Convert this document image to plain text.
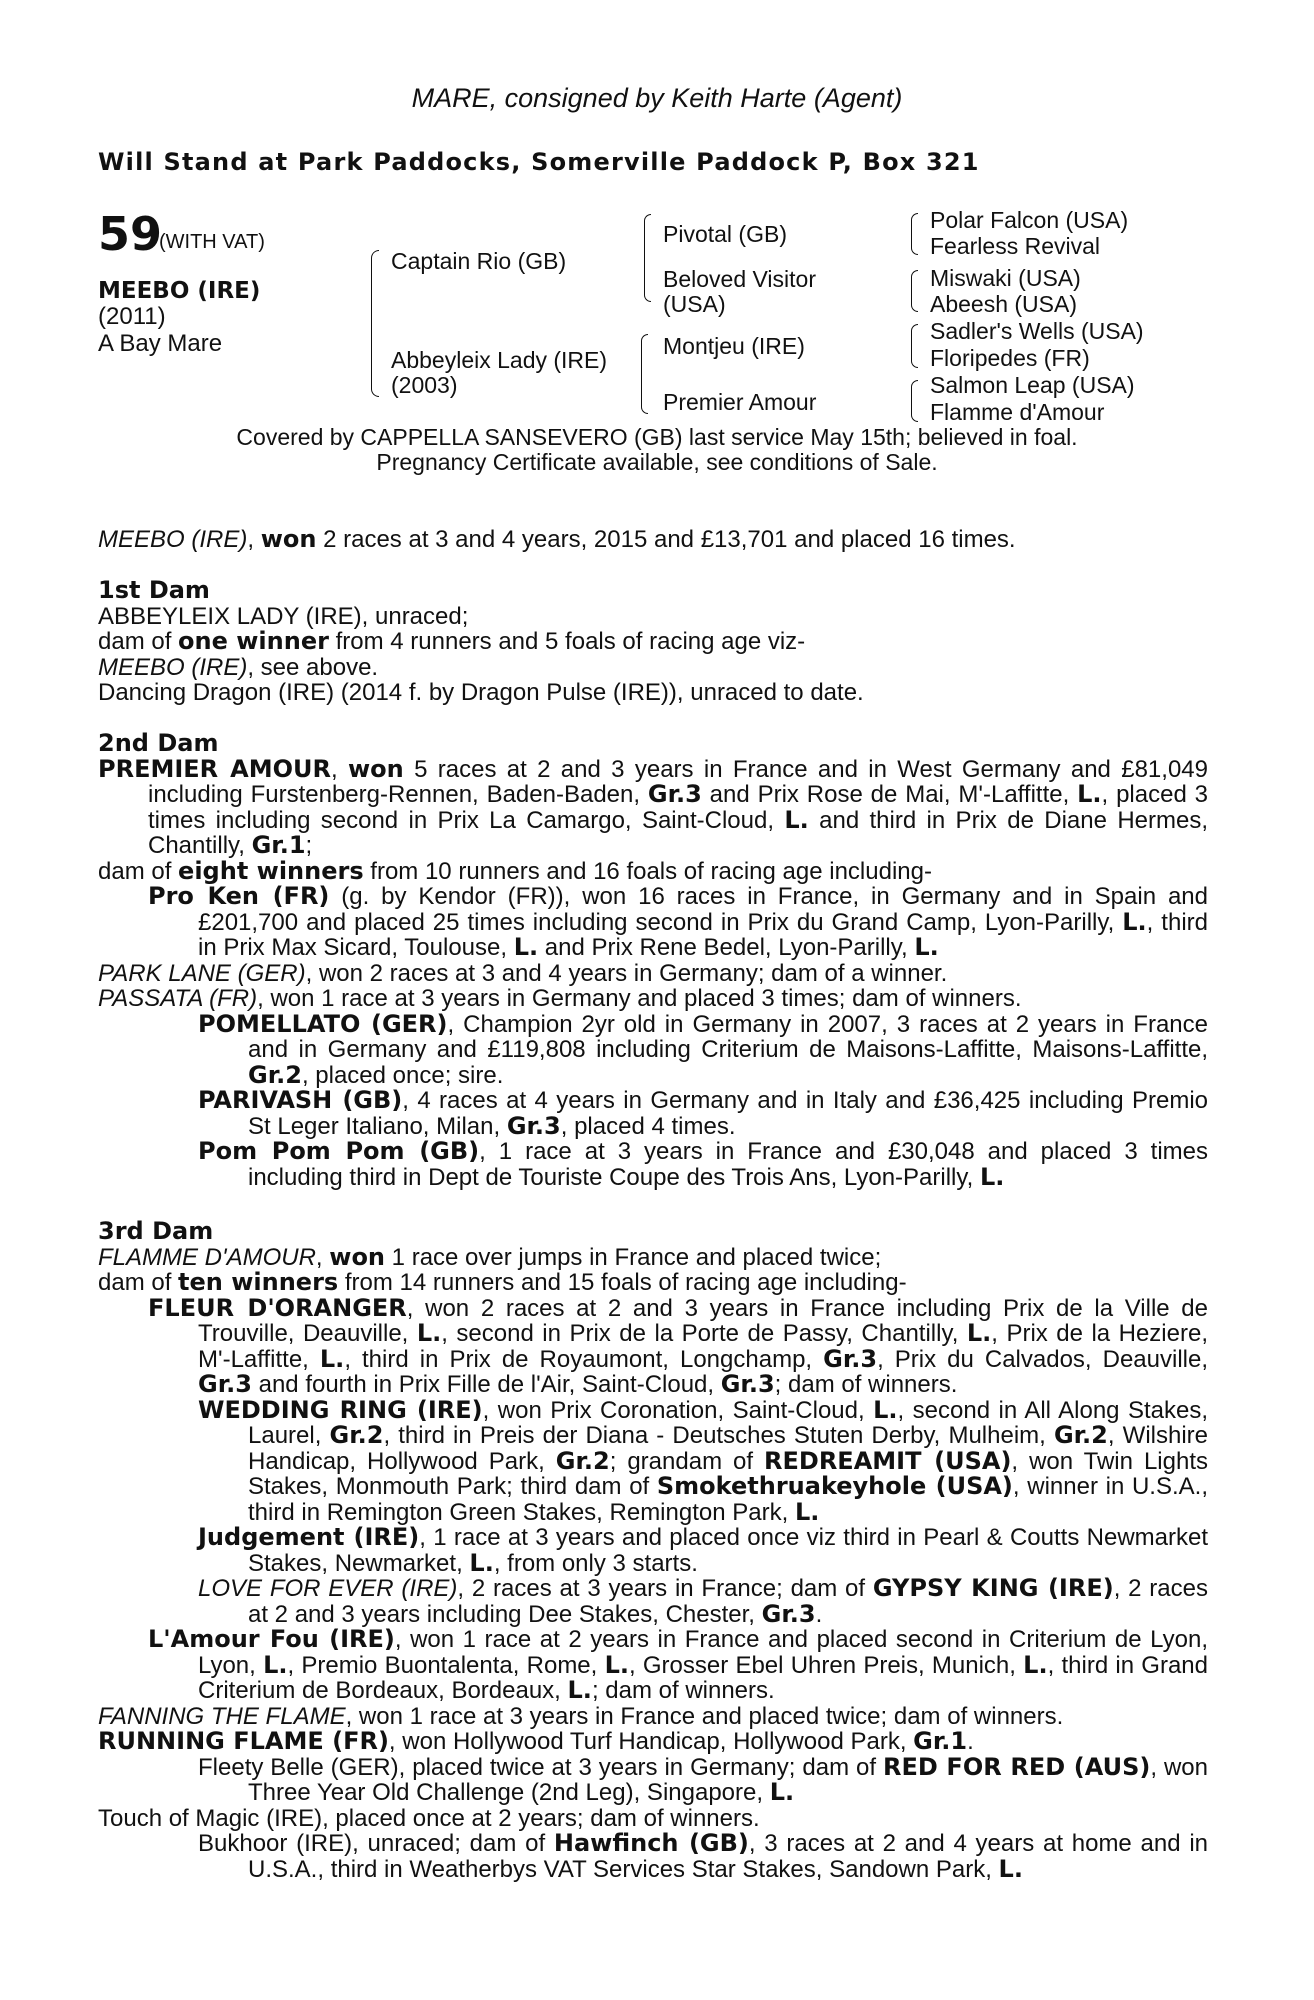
MARE, consigned by Keith Harte (Agent)
Will Stand at Park Paddocks, Somerville Paddock P, Box 321
59
(WITH VAT)
MEEBO (IRE)
(2011)
A Bay Mare
Captain Rio (GB)
Abbeyleix Lady (IRE)
(2003)
Pivotal (GB)
Beloved Visitor
(USA)
Montjeu (IRE)
Premier Amour
Polar Falcon (USA)
Fearless Revival
Miswaki (USA)
Abeesh (USA)
Sadler's Wells (USA)
Floripedes (FR)
Salmon Leap (USA)
Flamme d'Amour
Covered by CAPPELLA SANSEVERO (GB) last service May 15th; believed in foal.
Pregnancy Certificate available, see conditions of Sale.

MEEBO (IRE), won 2 races at 3 and 4 years, 2015 and £13,701 and placed 16 times.

1st Dam

ABBEYLEIX LADY (IRE), unraced;

dam of one winner from 4 runners and 5 foals of racing age viz-

MEEBO (IRE), see above.

Dancing Dragon (IRE) (2014 f. by Dragon Pulse (IRE)), unraced to date.

2nd Dam

PREMIER AMOUR, won 5 races at 2 and 3 years in France and in West Germany and £81,049 including Furstenberg-Rennen, Baden-Baden, Gr.3 and Prix Rose de Mai, M'-Laffitte, L., placed 3 times including second in Prix La Camargo, Saint-Cloud, L. and third in Prix de Diane Hermes, Chantilly, Gr.1;

dam of eight winners from 10 runners and 16 foals of racing age including-

Pro Ken (FR) (g. by Kendor (FR)), won 16 races in France, in Germany and in Spain and £201,700 and placed 25 times including second in Prix du Grand Camp, Lyon-Parilly, L., third in Prix Max Sicard, Toulouse, L. and Prix Rene Bedel, Lyon-Parilly, L.

PARK LANE (GER), won 2 races at 3 and 4 years in Germany; dam of a winner.

PASSATA (FR), won 1 race at 3 years in Germany and placed 3 times; dam of winners.

POMELLATO (GER), Champion 2yr old in Germany in 2007, 3 races at 2 years in France and in Germany and £119,808 including Criterium de Maisons-Laffitte, Maisons-Laffitte, Gr.2, placed once; sire.

PARIVASH (GB), 4 races at 4 years in Germany and in Italy and £36,425 including Premio St Leger Italiano, Milan, Gr.3, placed 4 times.

Pom Pom Pom (GB), 1 race at 3 years in France and £30,048 and placed 3 times including third in Dept de Touriste Coupe des Trois Ans, Lyon-Parilly, L.

3rd Dam

FLAMME D'AMOUR, won 1 race over jumps in France and placed twice;

dam of ten winners from 14 runners and 15 foals of racing age including-

FLEUR D'ORANGER, won 2 races at 2 and 3 years in France including Prix de la Ville de Trouville, Deauville, L., second in Prix de la Porte de Passy, Chantilly, L., Prix de la Heziere, M'-Laffitte, L., third in Prix de Royaumont, Longchamp, Gr.3, Prix du Calvados, Deauville, Gr.3 and fourth in Prix Fille de l'Air, Saint-Cloud, Gr.3; dam of winners.

WEDDING RING (IRE), won Prix Coronation, Saint-Cloud, L., second in All Along Stakes, Laurel, Gr.2, third in Preis der Diana - Deutsches Stuten Derby, Mulheim, Gr.2, Wilshire Handicap, Hollywood Park, Gr.2; grandam of REDREAMIT (USA), won Twin Lights Stakes, Monmouth Park; third dam of Smokethruakeyhole (USA), winner in U.S.A., third in Remington Green Stakes, Remington Park, L.

Judgement (IRE), 1 race at 3 years and placed once viz third in Pearl & Coutts Newmarket Stakes, Newmarket, L., from only 3 starts.

LOVE FOR EVER (IRE), 2 races at 3 years in France; dam of GYPSY KING (IRE), 2 races at 2 and 3 years including Dee Stakes, Chester, Gr.3.

L'Amour Fou (IRE), won 1 race at 2 years in France and placed second in Criterium de Lyon, Lyon, L., Premio Buontalenta, Rome, L., Grosser Ebel Uhren Preis, Munich, L., third in Grand Criterium de Bordeaux, Bordeaux, L.; dam of winners.

FANNING THE FLAME, won 1 race at 3 years in France and placed twice; dam of winners.

RUNNING FLAME (FR), won Hollywood Turf Handicap, Hollywood Park, Gr.1.

Fleety Belle (GER), placed twice at 3 years in Germany; dam of RED FOR RED (AUS), won Three Year Old Challenge (2nd Leg), Singapore, L.

Touch of Magic (IRE), placed once at 2 years; dam of winners.

Bukhoor (IRE), unraced; dam of Hawfinch (GB), 3 races at 2 and 4 years at home and in U.S.A., third in Weatherbys VAT Services Star Stakes, Sandown Park, L.
